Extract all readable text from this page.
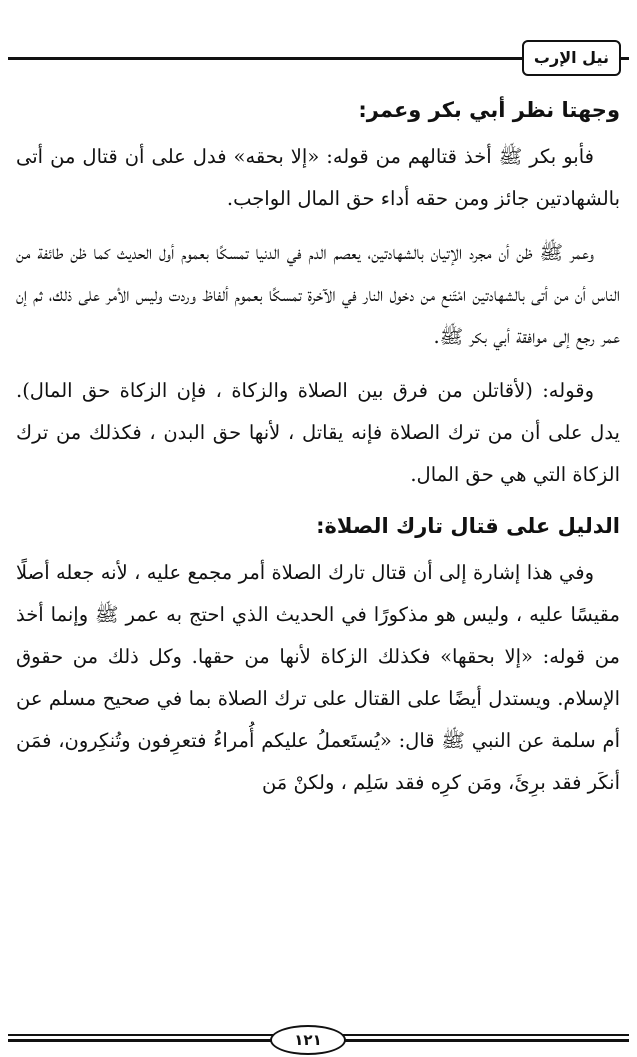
نيل الإرب
وجهتا نظر أبي بكر وعمر:

فأبو بكر ﷺ أخذ قتالهم من قوله: «إلا بحقه» فدل على أن قتال من أتى بالشهادتين جائز ومن حقه أداء حق المال الواجب.

وعمر ﷺ ظن أن مجرد الإتيان بالشهادتين، يعصم الدم في الدنيا تمسكًا بعموم أول الحديث كما ظن طائفة من الناس أن من أتى بالشهادتين امْتَنع من دخول النار في الآخرة تمسكًا بعموم ألفاظ وردت وليس الأمر على ذلك، ثم إن عمر رجع إلى موافقة أبي بكر ﷺ.

وقوله: (لأقاتلن من فرق بين الصلاة والزكاة ، فإن الزكاة حق المال). يدل على أن من ترك الصلاة فإنه يقاتل ، لأنها حق البدن ، فكذلك من ترك الزكاة التي هي حق المال.

الدليل على قتال تارك الصلاة:

وفي هذا إشارة إلى أن قتال تارك الصلاة أمر مجمع عليه ، لأنه جعله أصلًا مقيسًا عليه ، وليس هو مذكورًا في الحديث الذي احتج به عمر ﷺ وإنما أخذ من قوله: «إلا بحقها» فكذلك الزكاة لأنها من حقها. وكل ذلك من حقوق الإسلام. ويستدل أيضًا على القتال على ترك الصلاة بما في صحيح مسلم عن أم سلمة عن النبي ﷺ قال: «يُستَعملُ عليكم أُمراءُ فتعرِفون وتُنكِرون، فمَن أنكَر فقد برِئَ، ومَن كرِه فقد سَلِم ، ولكنْ مَن

١٢١
